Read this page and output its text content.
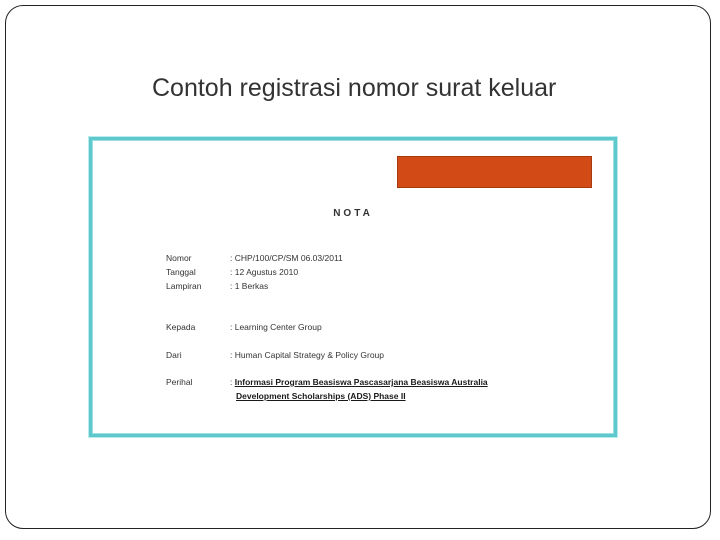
Contoh registrasi nomor surat keluar
NOTA
Nomor	: CHP/100/CP/SM 06.03/2011
Tanggal	: 12 Agustus 2010
Lampiran	: 1 Berkas
Kepada	: Learning Center Group
Dari	: Human Capital Strategy & Policy Group
Perihal	: Informasi Program Beasiswa Pascasarjana Beasiswa Australia
Development Scholarships (ADS) Phase II
